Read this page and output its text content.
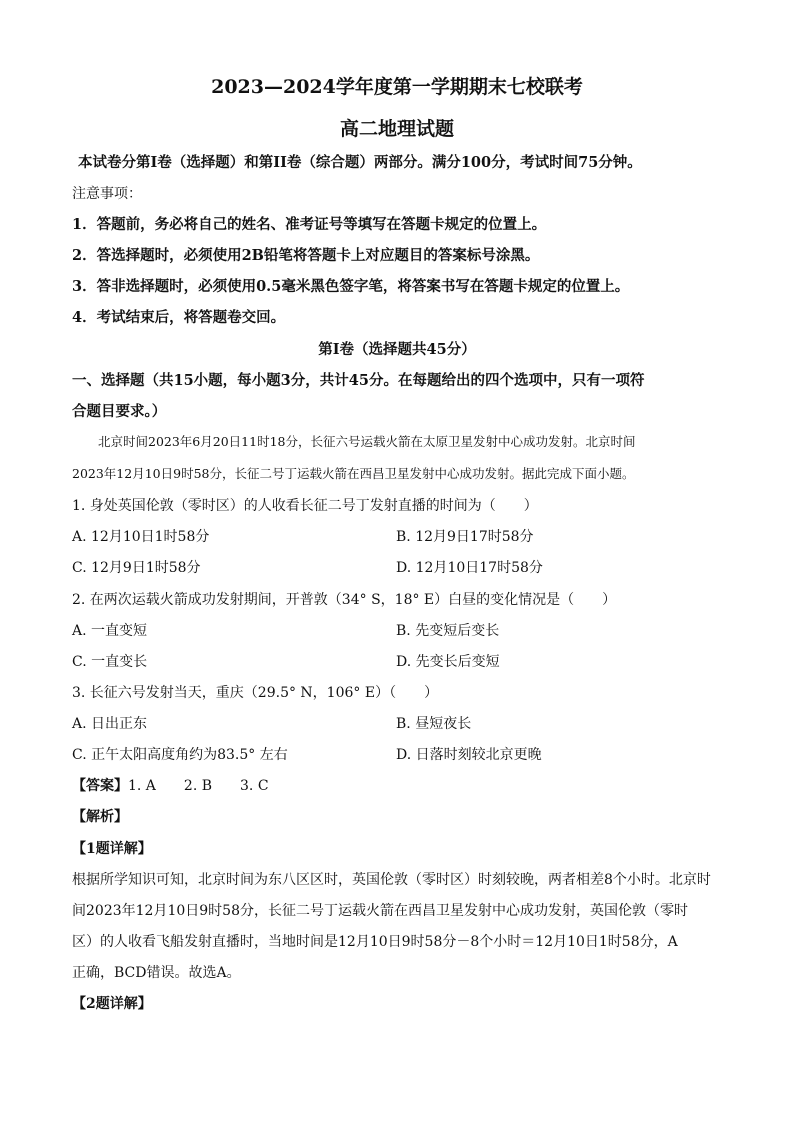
2023—2024学年度第一学期期末七校联考
高二地理试题
本试卷分第I卷（选择题）和第II卷（综合题）两部分。满分100分，考试时间75分钟。
注意事项：
1．答题前，务必将自己的姓名、准考证号等填写在答题卡规定的位置上。
2．答选择题时，必须使用2B铅笔将答题卡上对应题目的答案标号涂黑。
3．答非选择题时，必须使用0.5毫米黑色签字笔，将答案书写在答题卡规定的位置上。
4．考试结束后，将答题卷交回。
第I卷（选择题共45分）
一、选择题（共15小题，每小题3分，共计45分。在每题给出的四个选项中，只有一项符
合题目要求。）
北京时间2023年6月20日11时18分，长征六号运载火箭在太原卫星发射中心成功发射。北京时间
2023年12月10日9时58分，长征二号丁运载火箭在西昌卫星发射中心成功发射。据此完成下面小题。
1. 身处英国伦敦（零时区）的人收看长征二号丁发射直播的时间为（　　）
A. 12月10日1时58分	B. 12月9日17时58分
C. 12月9日1时58分	D. 12月10日17时58分
2. 在两次运载火箭成功发射期间，开普敦（34° S，18° E）白昼的变化情况是（　　）
A. 一直变短	B. 先变短后变长
C. 一直变长	D. 先变长后变短
3. 长征六号发射当天，重庆（29.5° N，106° E）（　　）
A. 日出正东	B. 昼短夜长
C. 正午太阳高度角约为83.5° 左右	D. 日落时刻较北京更晚
【答案】1. A　　2. B　　3. C
【解析】
【1题详解】
根据所学知识可知，北京时间为东八区区时，英国伦敦（零时区）时刻较晚，两者相差8个小时。北京时
间2023年12月10日9时58分，长征二号丁运载火箭在西昌卫星发射中心成功发射，英国伦敦（零时
区）的人收看飞船发射直播时，当地时间是12月10日9时58分－8个小时＝12月10日1时58分，A
正确，BCD错误。故选A。
【2题详解】
